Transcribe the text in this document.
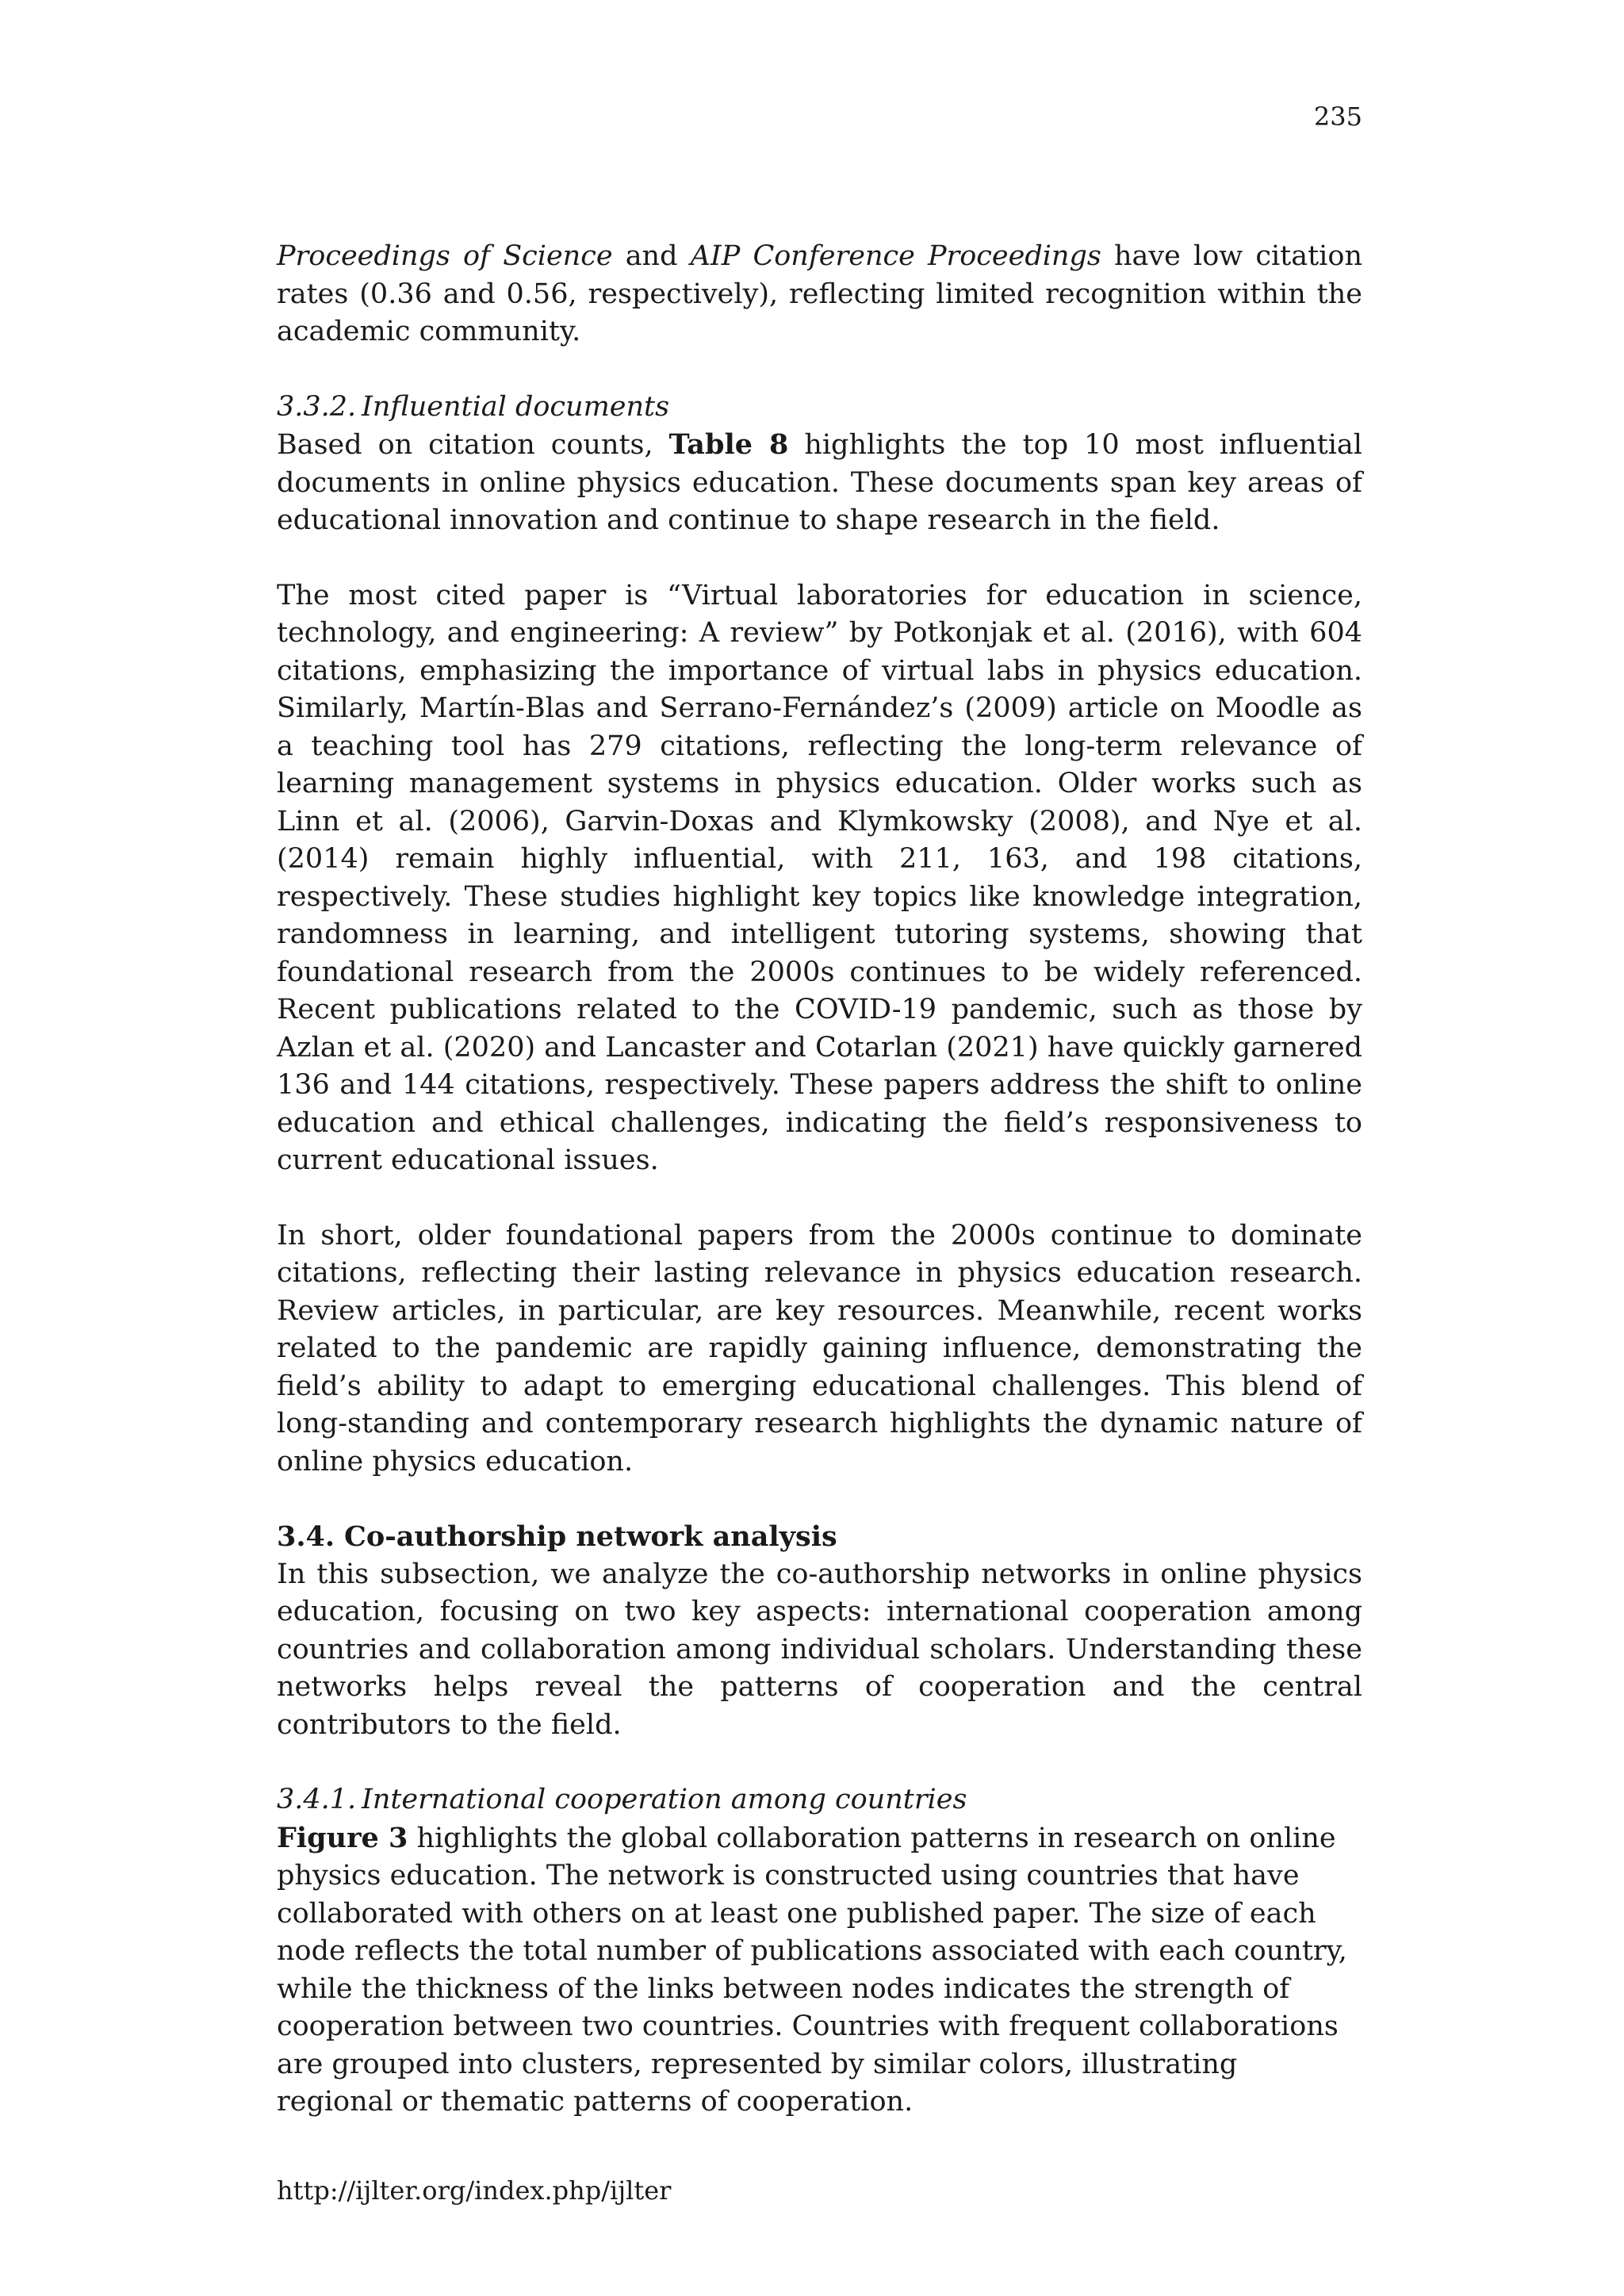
235

Proceedings of Science and AIP Conference Proceedings have low citation rates (0.36 and 0.56, respectively), reflecting limited recognition within the academic community.

3.3.2. Influential documents

Based on citation counts, Table 8 highlights the top 10 most influential documents in online physics education. These documents span key areas of educational innovation and continue to shape research in the field.

The most cited paper is “Virtual laboratories for education in science, technology, and engineering: A review” by Potkonjak et al. (2016), with 604 citations, emphasizing the importance of virtual labs in physics education. Similarly, Martín-Blas and Serrano-Fernández’s (2009) article on Moodle as a teaching tool has 279 citations, reflecting the long-term relevance of learning management systems in physics education. Older works such as Linn et al. (2006), Garvin-Doxas and Klymkowsky (2008), and Nye et al. (2014) remain highly influential, with 211, 163, and 198 citations, respectively. These studies highlight key topics like knowledge integration, randomness in learning, and intelligent tutoring systems, showing that foundational research from the 2000s continues to be widely referenced. Recent publications related to the COVID-19 pandemic, such as those by Azlan et al. (2020) and Lancaster and Cotarlan (2021) have quickly garnered 136 and 144 citations, respectively. These papers address the shift to online education and ethical challenges, indicating the field’s responsiveness to current educational issues.

In short, older foundational papers from the 2000s continue to dominate citations, reflecting their lasting relevance in physics education research. Review articles, in particular, are key resources. Meanwhile, recent works related to the pandemic are rapidly gaining influence, demonstrating the field’s ability to adapt to emerging educational challenges. This blend of long-standing and contemporary research highlights the dynamic nature of online physics education.

3.4. Co-authorship network analysis

In this subsection, we analyze the co-authorship networks in online physics education, focusing on two key aspects: international cooperation among countries and collaboration among individual scholars. Understanding these networks helps reveal the patterns of cooperation and the central contributors to the field.

3.4.1. International cooperation among countries

Figure 3 highlights the global collaboration patterns in research on online physics education. The network is constructed using countries that have collaborated with others on at least one published paper. The size of each node reflects the total number of publications associated with each country, while the thickness of the links between nodes indicates the strength of cooperation between two countries. Countries with frequent collaborations are grouped into clusters, represented by similar colors, illustrating regional or thematic patterns of cooperation.

http://ijlter.org/index.php/ijlter
